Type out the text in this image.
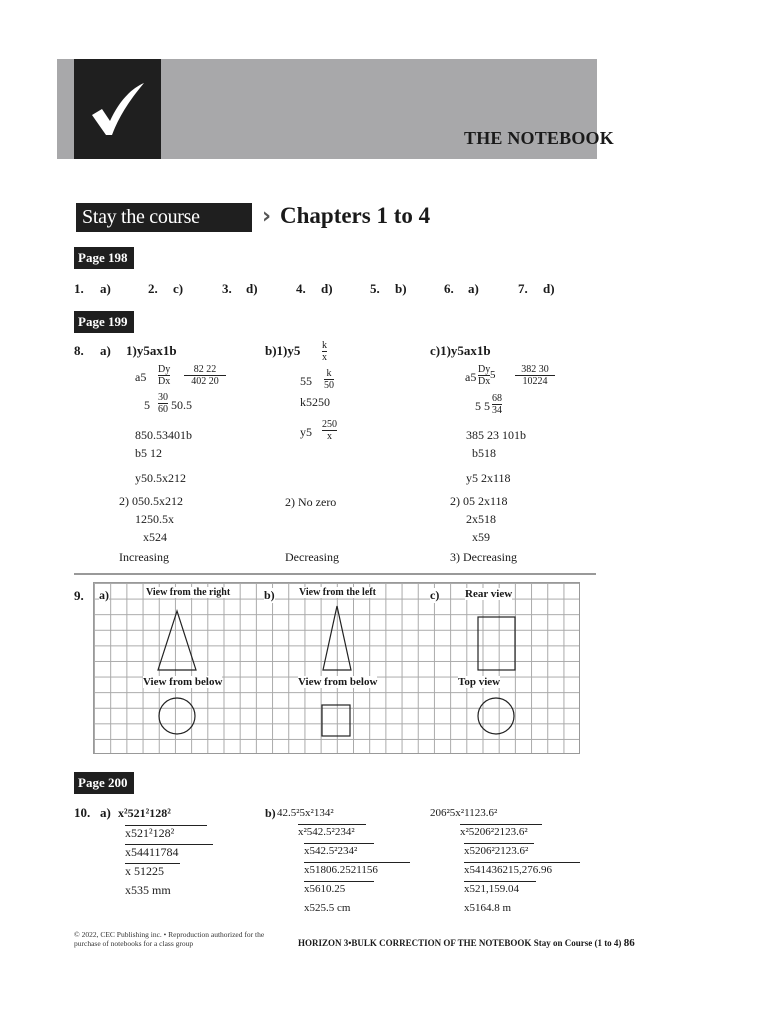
THE NOTEBOOK
Stay the course	› Chapters 1 to 4
Page 198
1. a)	2. c)	3. d)	4. d)	5. b)	6. a)	7. d)
Page 199
8. a) 1)y5ax1b
a5
Dy
Dx
82 22
402 20
5
30
60 50.5
850.53401b
b5 12
y50.5x212
2) 050.5x212
1250.5x
x524
Increasing
b)1)y5 k
x
55
k
50
k5250
y5
250
x
2) No zero
Decreasing
c)1)y5ax1b
a5
Dy
Dx
5	382 30
10224
5 5
68
34
385 23 101b
b518
y5 2x118
2) 05 2x118
2x518
x59
3) Decreasing
9. a)	View from the right	b) View from the left	c) Rear view
View from below	View from below	Top view
Page 200
10. a) x²521²128²
x521²128²
x54411784
x 51225
x535 mm
b) 42.5²5x²134²
x²542.5²234²
x542.5²234²
x51806.2521156
x5610.25
x525.5 cm
206²5x²1123.6²
x²5206²2123.6²
x5206²2123.6²
x541436215,276.96
x521,159.04
x5164.8 m
© 2022, CEC Publishing inc. • Reproduction authorized for the purchase of notebooks for a class group	HORIZON 3•BULK CORRECTION OF THE NOTEBOOK Stay on Course (1 to 4) 86
